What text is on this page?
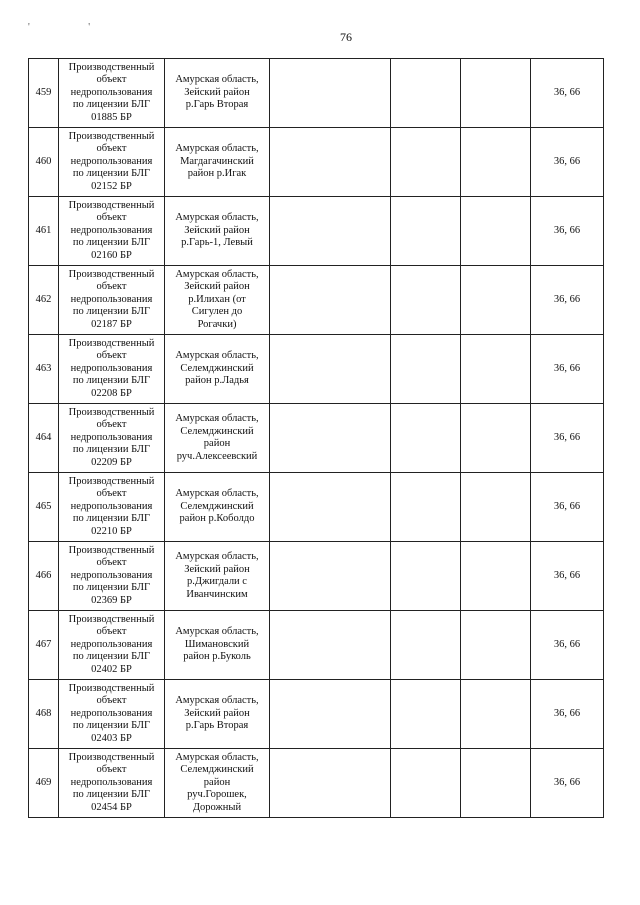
' '
76
459	Производственный
объект
недропользования
по лицензии БЛГ
01885 БР	Амурская область,
Зейский район
р.Гарь Вторая				36, 66
460	Производственный
объект
недропользования
по лицензии БЛГ
02152 БР	Амурская область,
Магдагачинский
район р.Игак				36, 66
461	Производственный
объект
недропользования
по лицензии БЛГ
02160 БР	Амурская область,
Зейский район
р.Гарь-1, Левый				36, 66
462	Производственный
объект
недропользования
по лицензии БЛГ
02187 БР	Амурская область,
Зейский район
р.Илихан (от
Сигулен до
Рогачки)				36, 66
463	Производственный
объект
недропользования
по лицензии БЛГ
02208 БР	Амурская область,
Селемджинский
район р.Ладья				36, 66
464	Производственный
объект
недропользования
по лицензии БЛГ
02209 БР	Амурская область,
Селемджинский
район
руч.Алексеевский				36, 66
465	Производственный
объект
недропользования
по лицензии БЛГ
02210 БР	Амурская область,
Селемджинский
район р.Коболдо				36, 66
466	Производственный
объект
недропользования
по лицензии БЛГ
02369 БР	Амурская область,
Зейский район
р.Джигдали с
Иванчинским				36, 66
467	Производственный
объект
недропользования
по лицензии БЛГ
02402 БР	Амурская область,
Шимановский
район р.Буколь				36, 66
468	Производственный
объект
недропользования
по лицензии БЛГ
02403 БР	Амурская область,
Зейский район
р.Гарь Вторая				36, 66
469	Производственный
объект
недропользования
по лицензии БЛГ
02454 БР	Амурская область,
Селемджинский
район
руч.Горошек,
Дорожный				36, 66
